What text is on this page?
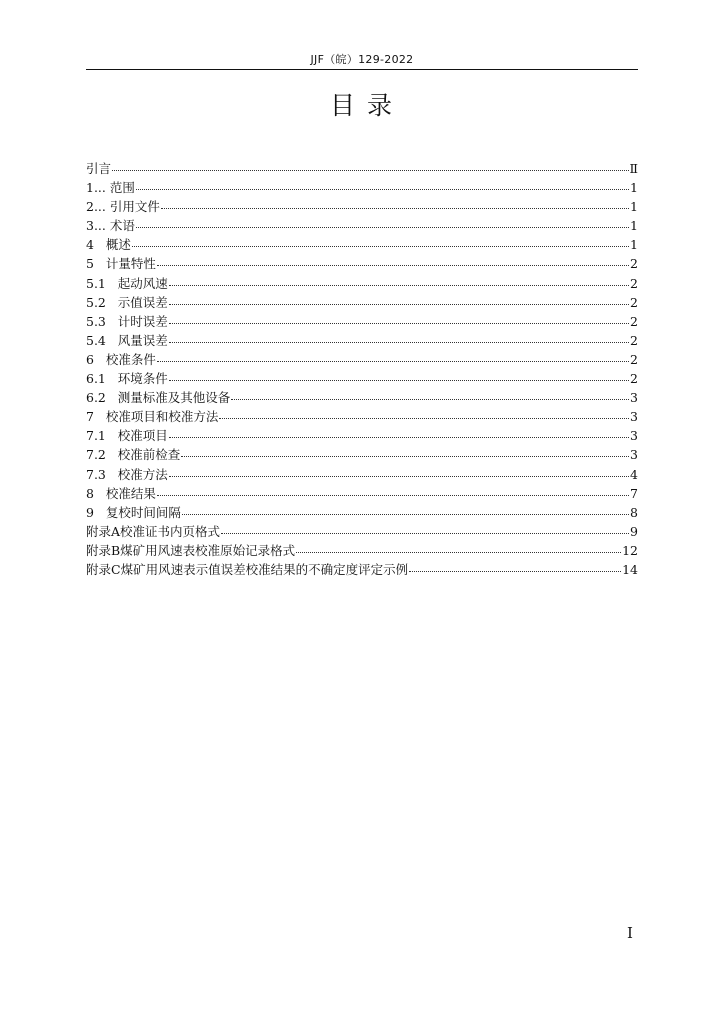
JJF（皖）129-2022
目 录
引言	Ⅱ
1... 范围	1
2... 引用文件	1
3... 术语	1
4   概述	1
5   计量特性	2
5.1   起动风速	2
5.2   示值误差	2
5.3   计时误差	2
5.4   风量误差	2
6   校准条件	2
6.1   环境条件	2
6.2   测量标准及其他设备	3
7   校准项目和校准方法	3
7.1   校准项目	3
7.2   校准前检查	3
7.3   校准方法	4
8   校准结果	7
9   复校时间间隔	8
附录A校准证书内页格式	9
附录B煤矿用风速表校准原始记录格式	12
附录C煤矿用风速表示值误差校准结果的不确定度评定示例	14
I
